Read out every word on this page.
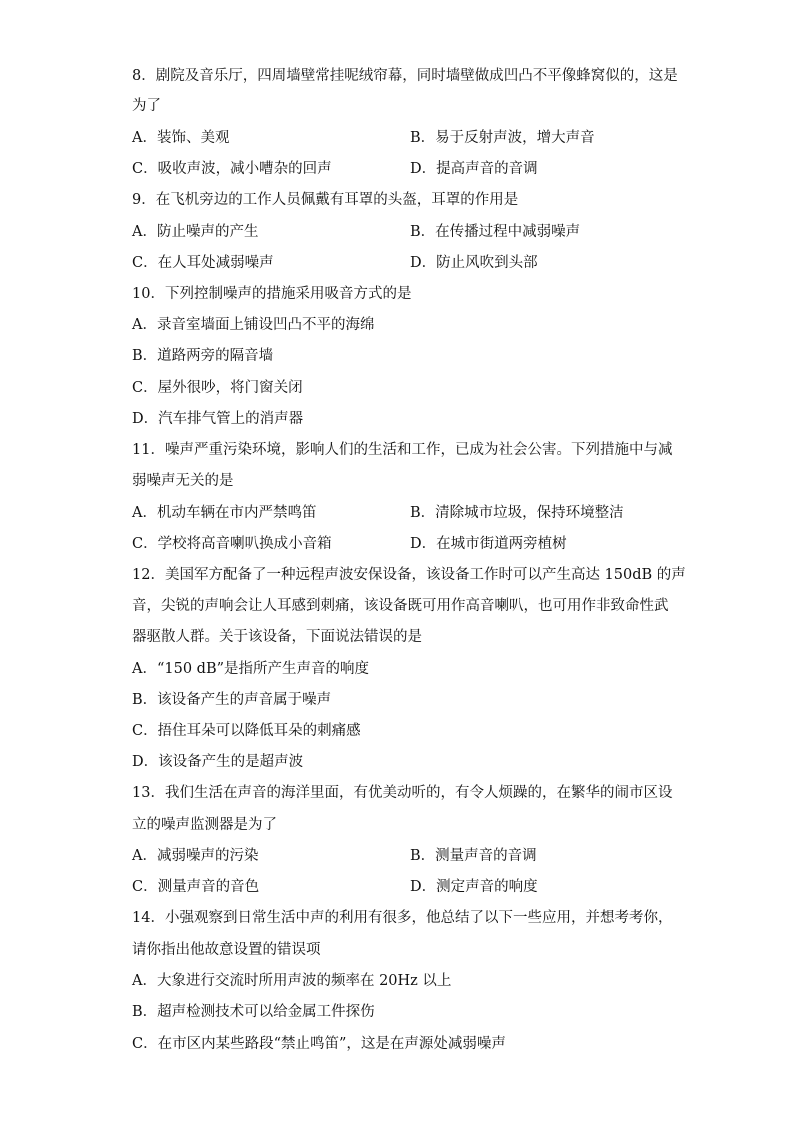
8．剧院及音乐厅，四周墙壁常挂呢绒帘幕，同时墙壁做成凹凸不平像蜂窝似的，这是
为了
A．装饰、美观	B．易于反射声波，增大声音
C．吸收声波，减小嘈杂的回声	D．提高声音的音调
9．在飞机旁边的工作人员佩戴有耳罩的头盔，耳罩的作用是
A．防止噪声的产生	B．在传播过程中减弱噪声
C．在人耳处减弱噪声	D．防止风吹到头部
10．下列控制噪声的措施采用吸音方式的是
A．录音室墙面上铺设凹凸不平的海绵
B．道路两旁的隔音墙
C．屋外很吵，将门窗关闭
D．汽车排气管上的消声器
11．噪声严重污染环境，影响人们的生活和工作，已成为社会公害。下列措施中与减
弱噪声无关的是
A．机动车辆在市内严禁鸣笛	B．清除城市垃圾，保持环境整洁
C．学校将高音喇叭换成小音箱	D．在城市街道两旁植树
12．美国军方配备了一种远程声波安保设备，该设备工作时可以产生高达 150dB 的声
音，尖锐的声响会让人耳感到刺痛，该设备既可用作高音喇叭，也可用作非致命性武
器驱散人群。关于该设备，下面说法错误的是
A．“150 dB”是指所产生声音的响度
B．该设备产生的声音属于噪声
C．捂住耳朵可以降低耳朵的刺痛感
D．该设备产生的是超声波
13．我们生活在声音的海洋里面，有优美动听的，有令人烦躁的，在繁华的闹市区设
立的噪声监测器是为了
A．减弱噪声的污染	B．测量声音的音调
C．测量声音的音色	D．测定声音的响度
14．小强观察到日常生活中声的利用有很多，他总结了以下一些应用，并想考考你，
请你指出他故意设置的错误项
A．大象进行交流时所用声波的频率在 20Hz 以上
B．超声检测技术可以给金属工件探伤
C．在市区内某些路段“禁止鸣笛”，这是在声源处减弱噪声
